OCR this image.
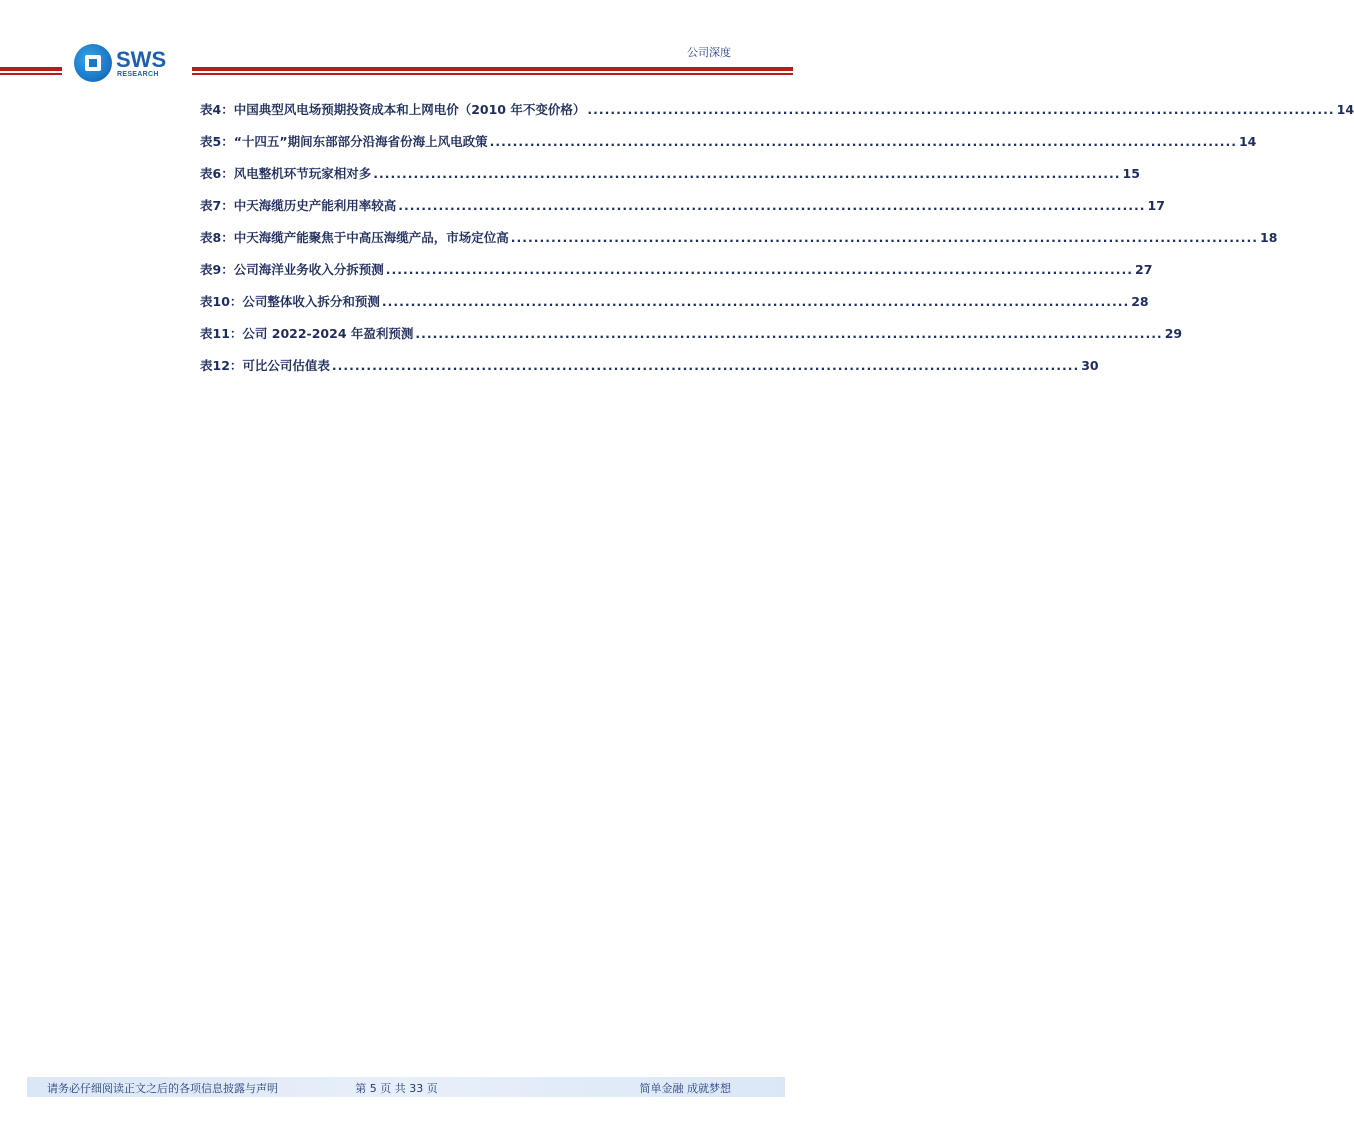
公司深度
SWS
RESEARCH
表4：中国典型风电场预期投资成本和上网电价（2010 年不变价格） .................................................................................................................................. 14
表5：“十四五”期间东部部分沿海省份海上风电政策 .................................................................................................................................. 14
表6：风电整机环节玩家相对多 .................................................................................................................................. 15
表7：中天海缆历史产能利用率较高 .................................................................................................................................. 17
表8：中天海缆产能聚焦于中高压海缆产品，市场定位高 .................................................................................................................................. 18
表9：公司海洋业务收入分拆预测 .................................................................................................................................. 27
表10：公司整体收入拆分和预测 .................................................................................................................................. 28
表11：公司 2022-2024 年盈利预测 .................................................................................................................................. 29
表12：可比公司估值表 .................................................................................................................................. 30
请务必仔细阅读正文之后的各项信息披露与声明	第 5 页 共 33 页	简单金融 成就梦想
